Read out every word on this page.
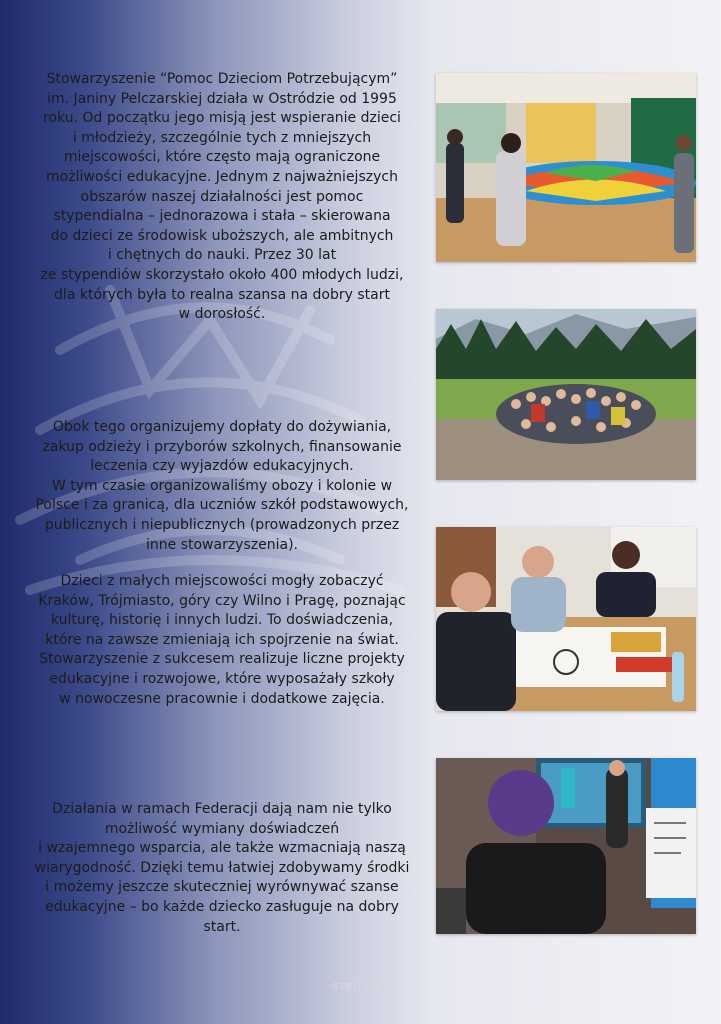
Stowarzyszenie “Pomoc Dzieciom Potrzebującym”
im. Janiny Pelczarskiej działa w Ostródzie od 1995
roku. Od początku jego misją jest wspieranie dzieci
i młodzieży, szczególnie tych z mniejszych
miejscowości, które często mają ograniczone
możliwości edukacyjne. Jednym z najważniejszych
obszarów naszej działalności jest pomoc
stypendialna – jednorazowa i stała – skierowana
do dzieci ze środowisk uboższych, ale ambitnych
i chętnych do nauki. Przez 30 lat
ze stypendiów skorzystało około 400 młodych ludzi,
dla których była to realna szansa na dobry start
w dorosłość.

Obok tego organizujemy dopłaty do dożywiania,
zakup odzieży i przyborów szkolnych, finansowanie
leczenia czy wyjazdów edukacyjnych.
W tym czasie organizowaliśmy obozy i kolonie w
Polsce i za granicą, dla uczniów szkół podstawowych,
publicznych i niepublicznych (prowadzonych przez
inne stowarzyszenia).

Dzieci z małych miejscowości mogły zobaczyć
Kraków, Trójmiasto, góry czy Wilno i Pragę, poznając
kulturę, historię i innych ludzi. To doświadczenia,
które na zawsze zmieniają ich spojrzenie na świat.
Stowarzyszenie z sukcesem realizuje liczne projekty
edukacyjne i rozwojowe, które wyposażały szkoły
w nowoczesne pracownie i dodatkowe zajęcia.

Działania w ramach Federacji dają nam nie tylko
możliwość wymiany doświadczeń
i wzajemnego wsparcia, ale także wzmacniają naszą
wiarygodność. Dzięki temu łatwiej zdobywamy środki
i możemy jeszcze skuteczniej wyrównywać szanse
edukacyjne – bo każde dziecko zasługuje na dobry
start.

STRONA 3
